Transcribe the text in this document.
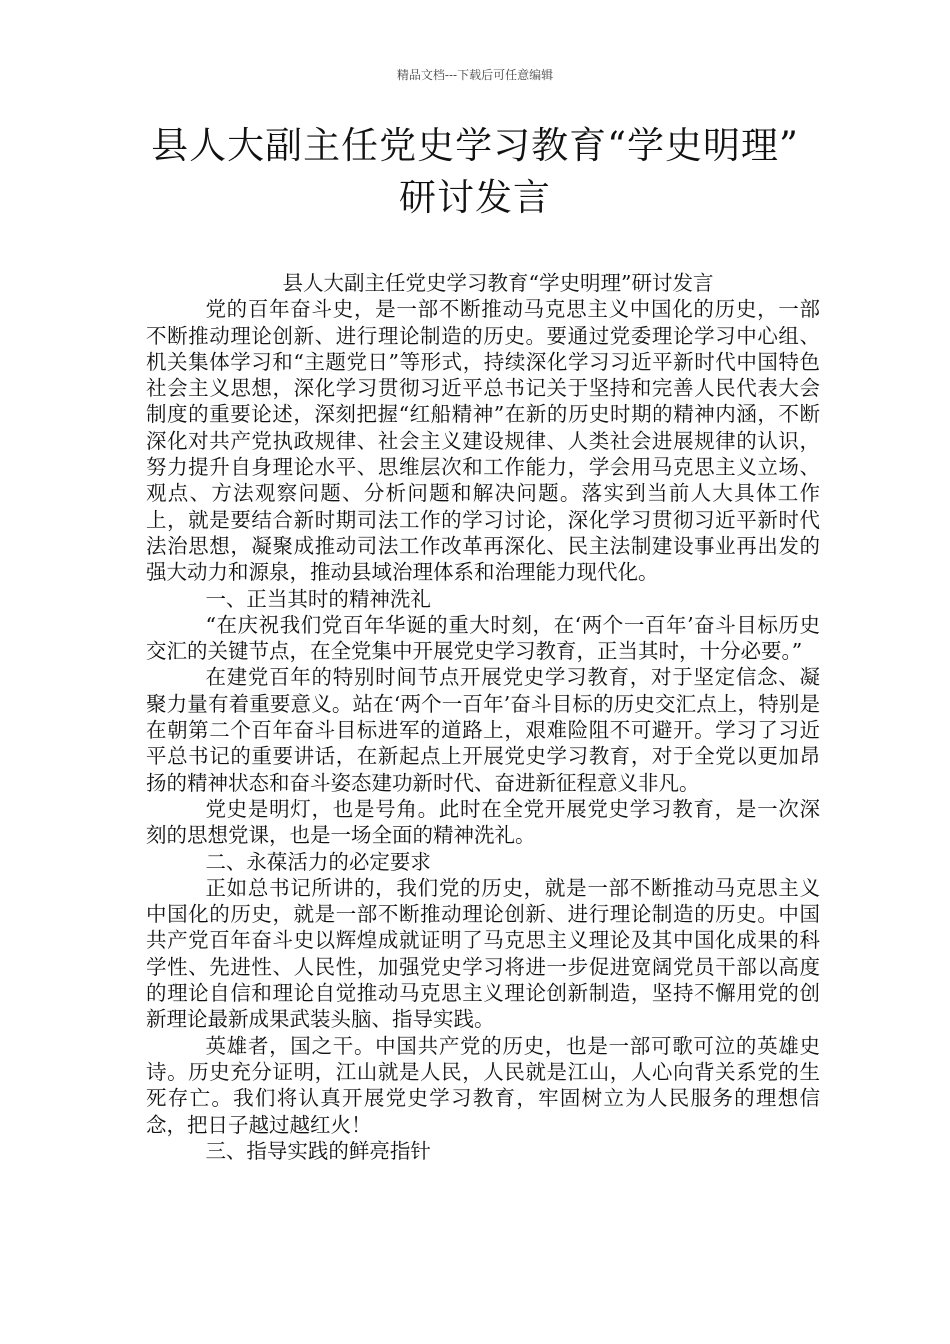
精品文档---下载后可任意编辑
县人大副主任党史学习教育“学史明理”
研讨发言

县人大副主任党史学习教育“学史明理”研讨发言

党的百年奋斗史，是一部不断推动马克思主义中国化的历史，一部不断推动理论创新、进行理论制造的历史。要通过党委理论学习中心组、机关集体学习和“主题党日”等形式，持续深化学习习近平新时代中国特色社会主义思想，深化学习贯彻习近平总书记关于坚持和完善人民代表大会制度的重要论述，深刻把握“红船精神”在新的历史时期的精神内涵，不断深化对共产党执政规律、社会主义建设规律、人类社会进展规律的认识，努力提升自身理论水平、思维层次和工作能力，学会用马克思主义立场、观点、方法观察问题、分析问题和解决问题。落实到当前人大具体工作上，就是要结合新时期司法工作的学习讨论，深化学习贯彻习近平新时代法治思想，凝聚成推动司法工作改革再深化、民主法制建设事业再出发的强大动力和源泉，推动县域治理体系和治理能力现代化。

一、正当其时的精神洗礼

“在庆祝我们党百年华诞的重大时刻，在‘两个一百年’奋斗目标历史交汇的关键节点，在全党集中开展党史学习教育，正当其时，十分必要。”

在建党百年的特别时间节点开展党史学习教育，对于坚定信念、凝聚力量有着重要意义。站在‘两个一百年’奋斗目标的历史交汇点上，特别是在朝第二个百年奋斗目标进军的道路上，艰难险阻不可避开。学习了习近平总书记的重要讲话，在新起点上开展党史学习教育，对于全党以更加昂扬的精神状态和奋斗姿态建功新时代、奋进新征程意义非凡。

党史是明灯，也是号角。此时在全党开展党史学习教育，是一次深刻的思想党课，也是一场全面的精神洗礼。

二、永葆活力的必定要求

正如总书记所讲的，我们党的历史，就是一部不断推动马克思主义中国化的历史，就是一部不断推动理论创新、进行理论制造的历史。中国共产党百年奋斗史以辉煌成就证明了马克思主义理论及其中国化成果的科学性、先进性、人民性，加强党史学习将进一步促进宽阔党员干部以高度的理论自信和理论自觉推动马克思主义理论创新制造，坚持不懈用党的创新理论最新成果武装头脑、指导实践。

英雄者，国之干。中国共产党的历史，也是一部可歌可泣的英雄史诗。历史充分证明，江山就是人民，人民就是江山，人心向背关系党的生死存亡。我们将认真开展党史学习教育，牢固树立为人民服务的理想信念，把日子越过越红火！

三、指导实践的鲜亮指针
